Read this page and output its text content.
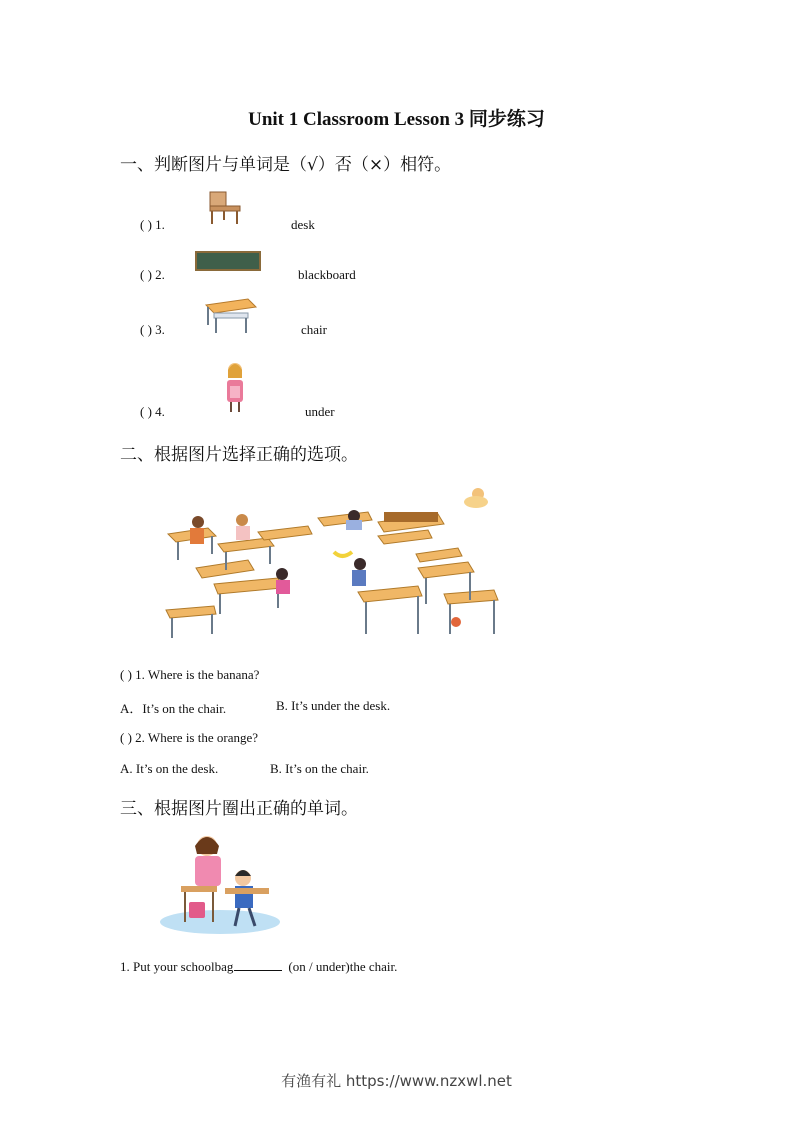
Unit 1 Classroom Lesson 3 同步练习
一、判断图片与单词是（√）否（×）相符。
( ) 1.	desk
( ) 2.	blackboard
( ) 3.	chair
( ) 4.	under
二、根据图片选择正确的选项。
( ) 1. Where is the banana?
A．It’s on the chair.	B. It’s under the desk.
( ) 2. Where is the orange?
A. It’s on the desk.	B. It’s on the chair.
三、根据图片圈出正确的单词。
1. Put your schoolbag	(on / under)the chair.
有渔有礼 https://www.nzxwl.net
